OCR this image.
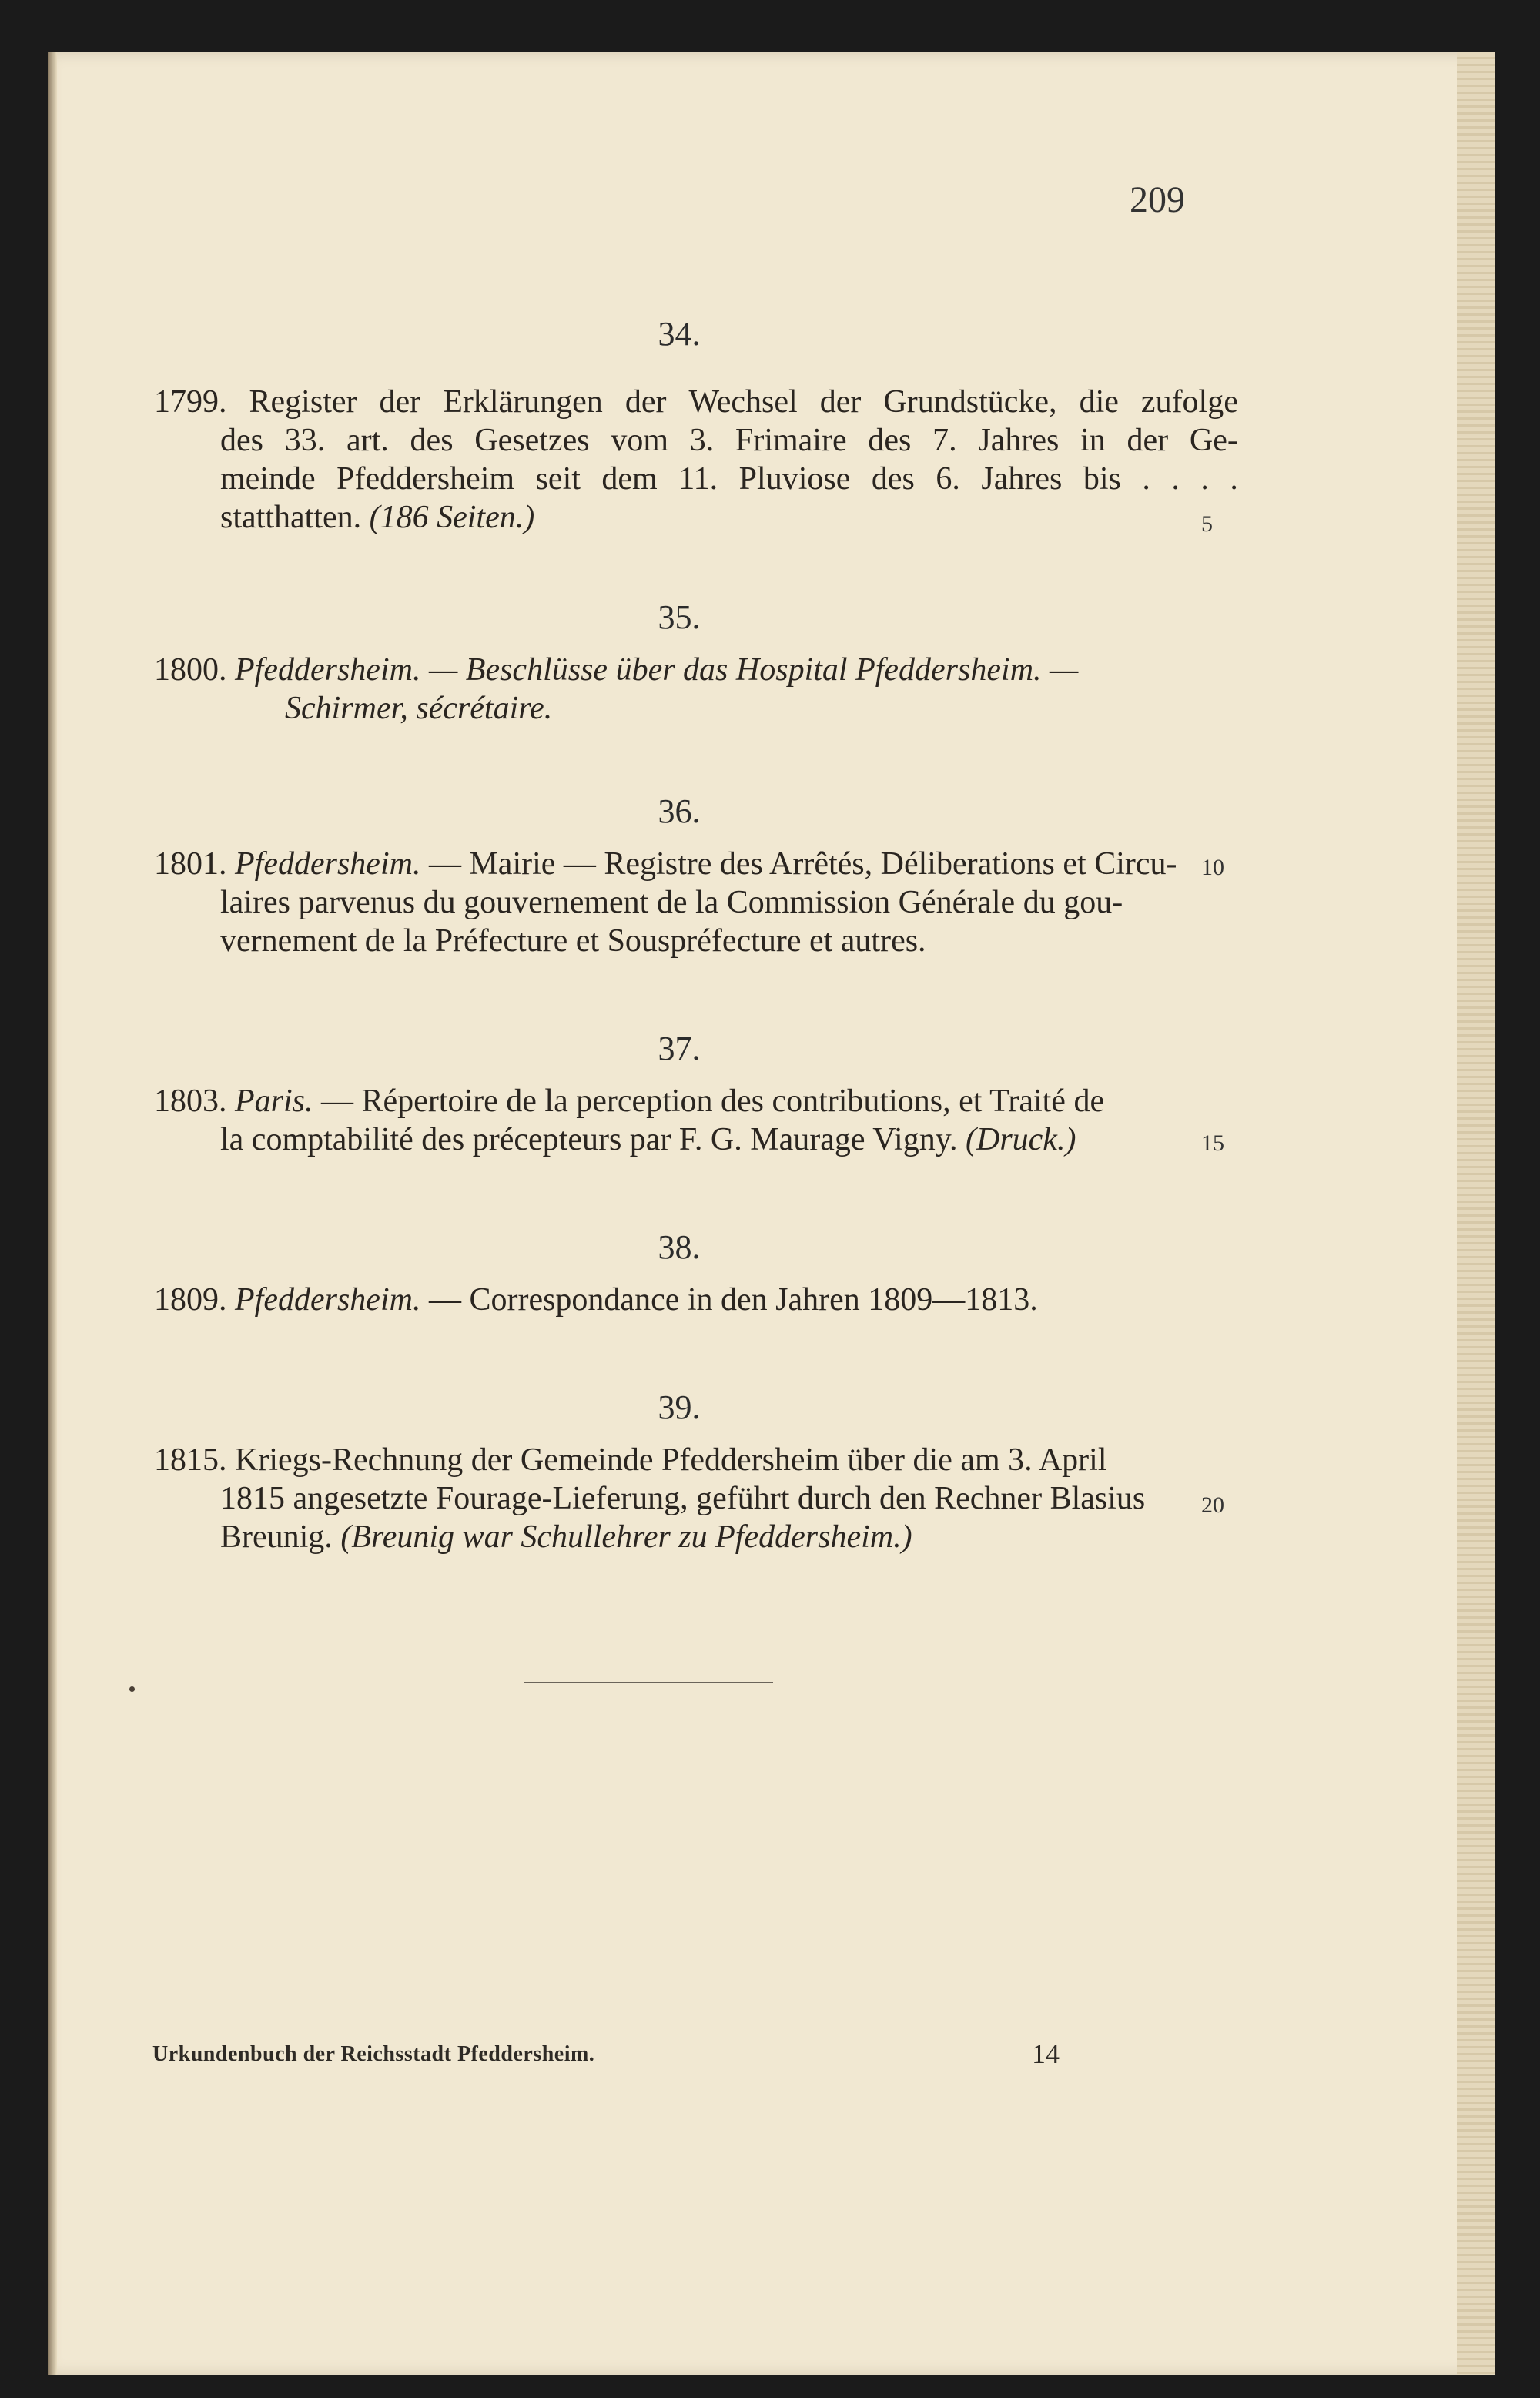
209
34.
1799. Register der Erklärungen der Wechsel der Grundstücke, die zufolge
des 33. art. des Gesetzes vom 3. Frimaire des 7. Jahres in der Ge-
meinde Pfeddersheim seit dem 11. Pluviose des 6. Jahres bis . . . .
statthatten. (186 Seiten.)	5
35.
1800. Pfeddersheim. — Beschlüsse über das Hospital Pfeddersheim. —
Schirmer, sécrétaire.
36.
1801. Pfeddersheim. — Mairie — Registre des Arrêtés, Déliberations et Circu- 10
laires parvenus du gouvernement de la Commission Générale du gou-
vernement de la Préfecture et Souspréfecture et autres.
37.
1803. Paris. — Répertoire de la perception des contributions, et Traité de
la comptabilité des précepteurs par F. G. Maurage Vigny. (Druck.)	15
38.
1809. Pfeddersheim. — Correspondance in den Jahren 1809—1813.
39.
1815. Kriegs-Rechnung der Gemeinde Pfeddersheim über die am 3. April
1815 angesetzte Fourage-Lieferung, geführt durch den Rechner Blasius 20
Breunig. (Breunig war Schullehrer zu Pfeddersheim.)
Urkundenbuch der Reichsstadt Pfeddersheim.	14
